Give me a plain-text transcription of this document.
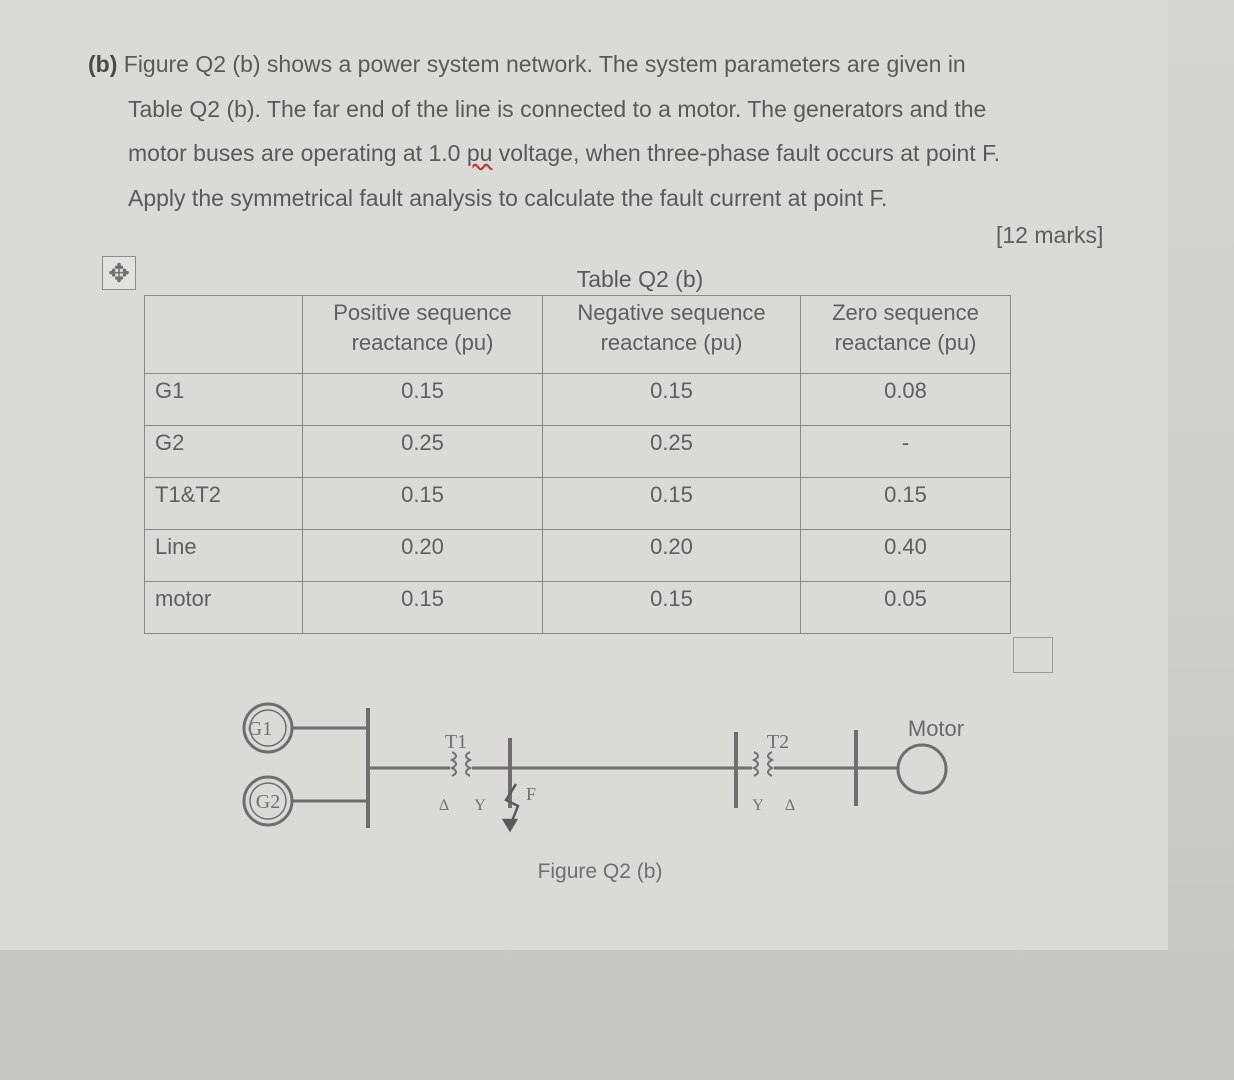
(b) Figure Q2 (b) shows a power system network. The system parameters are given in
Table Q2 (b). The far end of the line is connected to a motor. The generators and the
motor buses are operating at 1.0 pu voltage, when three-phase fault occurs at point F.
Apply the symmetrical fault analysis to calculate the fault current at point F.
[12 marks]
✥	Table Q2 (b)
	Positive sequence reactance (pu)	Negative sequence reactance (pu)	Zero sequence reactance (pu)
G1	0.15	0.15	0.08
G2	0.25	0.25	-
T1&T2	0.15	0.15	0.15
Line	0.20	0.20	0.40
motor	0.15	0.15	0.05
G1
G2
T1	T2
F
Δ Y	Y Δ
Motor
Figure Q2 (b)
